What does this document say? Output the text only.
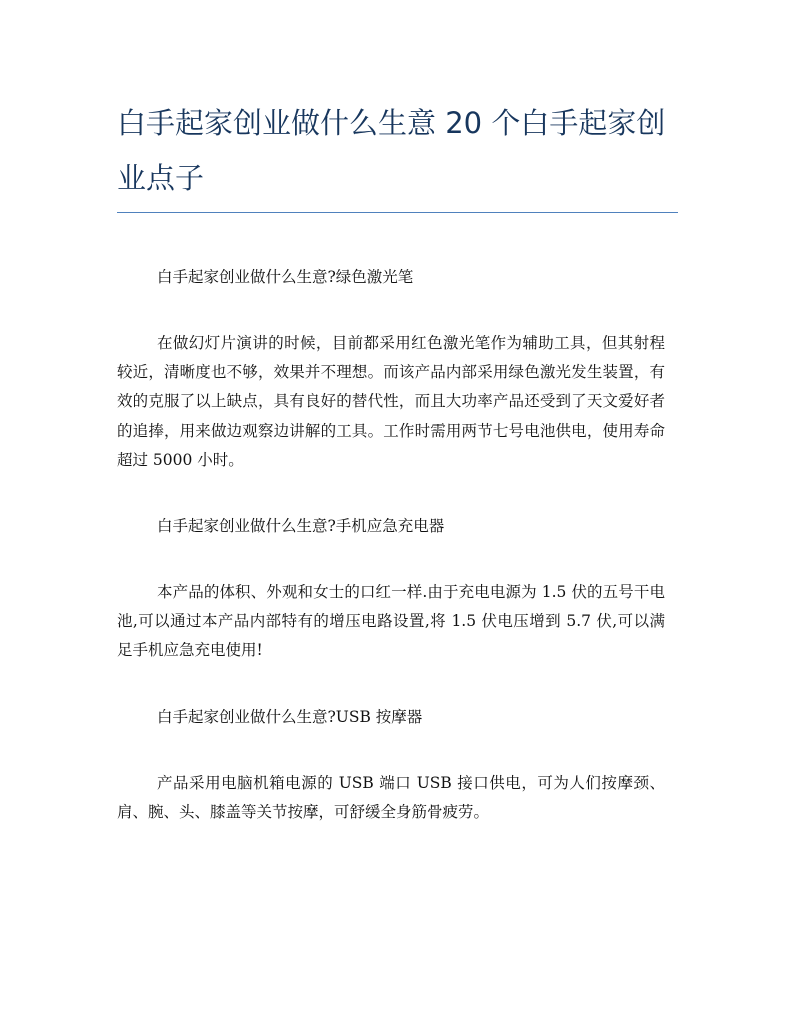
白手起家创业做什么生意 20 个白手起家创业点子

白手起家创业做什么生意?绿色激光笔

在做幻灯片演讲的时候，目前都采用红色激光笔作为辅助工具，但其射程较近，清晰度也不够，效果并不理想。而该产品内部采用绿色激光发生装置，有效的克服了以上缺点，具有良好的替代性，而且大功率产品还受到了天文爱好者的追捧，用来做边观察边讲解的工具。工作时需用两节七号电池供电，使用寿命超过 5000 小时。

白手起家创业做什么生意?手机应急充电器

本产品的体积、外观和女士的口红一样.由于充电电源为 1.5 伏的五号干电池,可以通过本产品内部特有的增压电路设置,将 1.5 伏电压增到 5.7 伏,可以满足手机应急充电使用!

白手起家创业做什么生意?USB 按摩器

产品采用电脑机箱电源的 USB 端口 USB 接口供电，可为人们按摩颈、肩、腕、头、膝盖等关节按摩，可舒缓全身筋骨疲劳。
